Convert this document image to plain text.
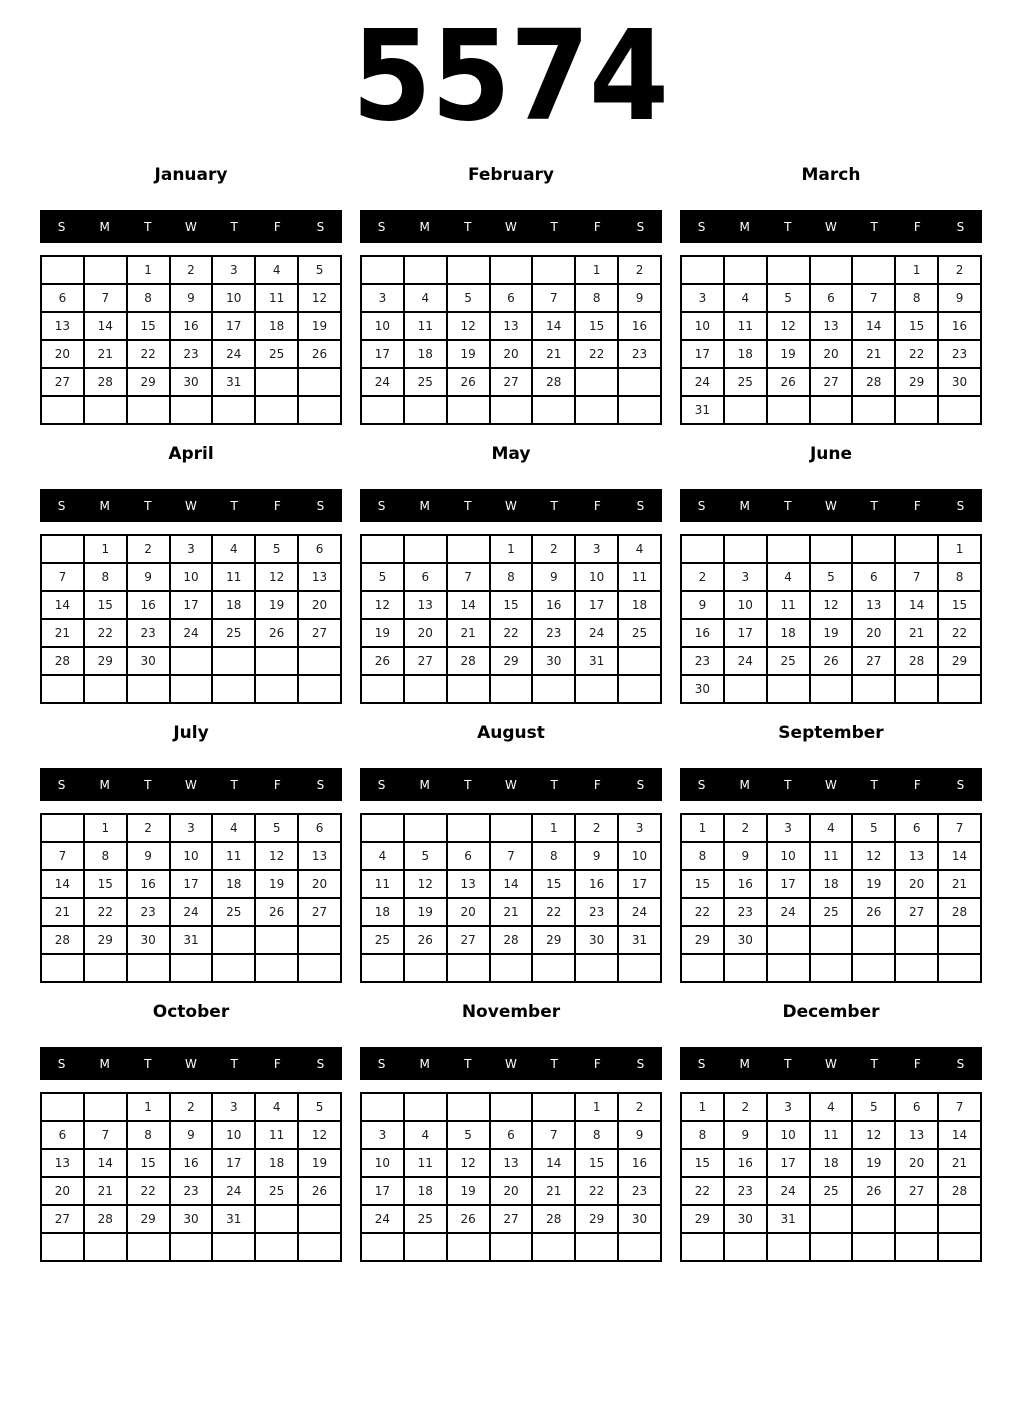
5574
January
S	M	T	W	T	F	S
		1	2	3	4	5
6	7	8	9	10	11	12
13	14	15	16	17	18	19
20	21	22	23	24	25	26
27	28	29	30	31		

February
S	M	T	W	T	F	S
					1	2
3	4	5	6	7	8	9
10	11	12	13	14	15	16
17	18	19	20	21	22	23
24	25	26	27	28		

March
S	M	T	W	T	F	S
					1	2
3	4	5	6	7	8	9
10	11	12	13	14	15	16
17	18	19	20	21	22	23
24	25	26	27	28	29	30
31						
April
S	M	T	W	T	F	S
	1	2	3	4	5	6
7	8	9	10	11	12	13
14	15	16	17	18	19	20
21	22	23	24	25	26	27
28	29	30				

May
S	M	T	W	T	F	S
			1	2	3	4
5	6	7	8	9	10	11
12	13	14	15	16	17	18
19	20	21	22	23	24	25
26	27	28	29	30	31	

June
S	M	T	W	T	F	S
						1
2	3	4	5	6	7	8
9	10	11	12	13	14	15
16	17	18	19	20	21	22
23	24	25	26	27	28	29
30						
July
S	M	T	W	T	F	S
	1	2	3	4	5	6
7	8	9	10	11	12	13
14	15	16	17	18	19	20
21	22	23	24	25	26	27
28	29	30	31			

August
S	M	T	W	T	F	S
				1	2	3
4	5	6	7	8	9	10
11	12	13	14	15	16	17
18	19	20	21	22	23	24
25	26	27	28	29	30	31

September
S	M	T	W	T	F	S
1	2	3	4	5	6	7
8	9	10	11	12	13	14
15	16	17	18	19	20	21
22	23	24	25	26	27	28
29	30					

October
S	M	T	W	T	F	S
		1	2	3	4	5
6	7	8	9	10	11	12
13	14	15	16	17	18	19
20	21	22	23	24	25	26
27	28	29	30	31		

November
S	M	T	W	T	F	S
					1	2
3	4	5	6	7	8	9
10	11	12	13	14	15	16
17	18	19	20	21	22	23
24	25	26	27	28	29	30

December
S	M	T	W	T	F	S
1	2	3	4	5	6	7
8	9	10	11	12	13	14
15	16	17	18	19	20	21
22	23	24	25	26	27	28
29	30	31				
